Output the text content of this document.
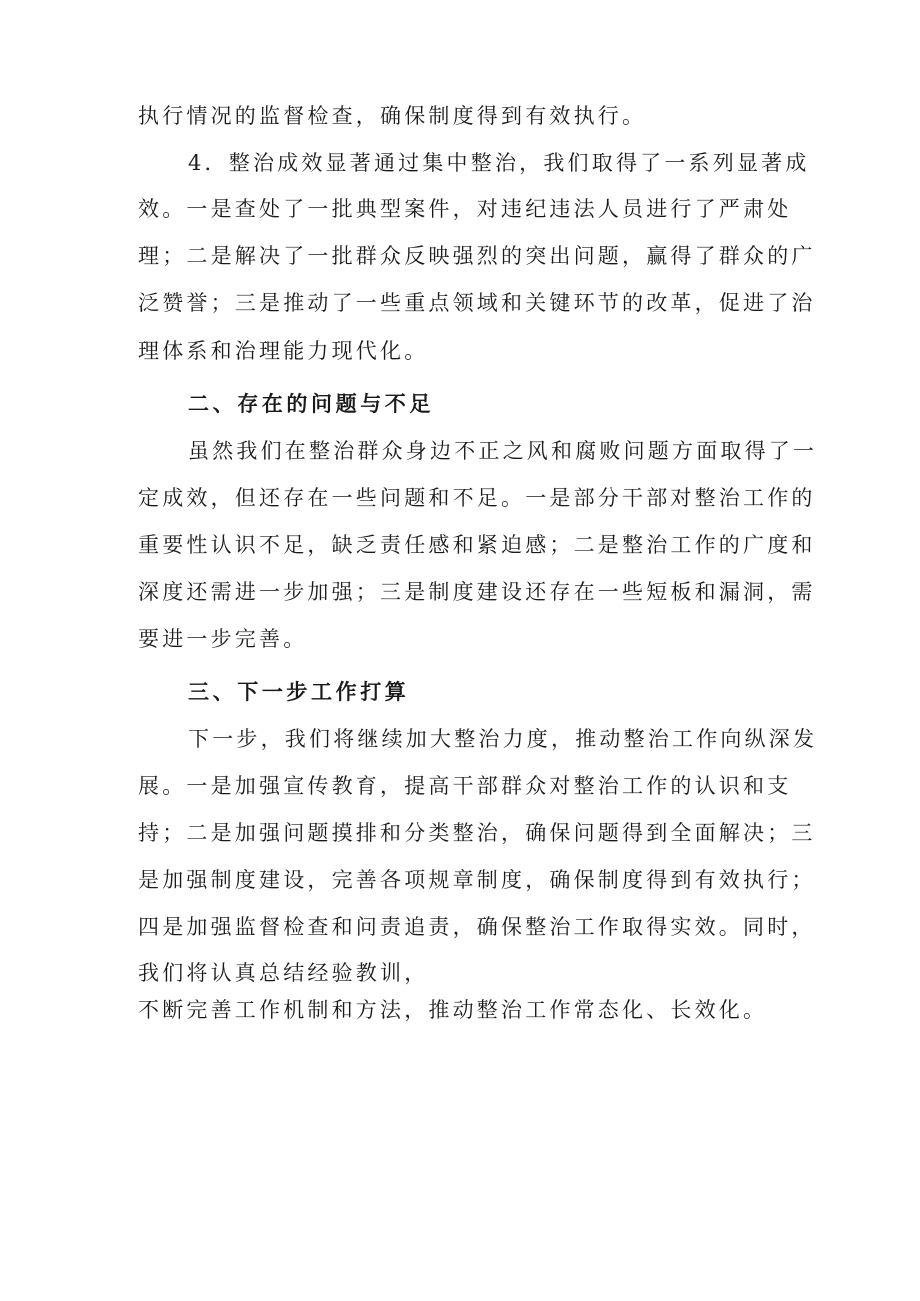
执行情况的监督检查，确保制度得到有效执行。
4．整治成效显著通过集中整治，我们取得了一系列显著成
效。一是查处了一批典型案件，对违纪违法人员进行了严肃处
理；二是解决了一批群众反映强烈的突出问题，赢得了群众的广
泛赞誉；三是推动了一些重点领域和关键环节的改革，促进了治
理体系和治理能力现代化。
二、存在的问题与不足
虽然我们在整治群众身边不正之风和腐败问题方面取得了一
定成效，但还存在一些问题和不足。一是部分干部对整治工作的
重要性认识不足，缺乏责任感和紧迫感；二是整治工作的广度和
深度还需进一步加强；三是制度建设还存在一些短板和漏洞，需
要进一步完善。
三、下一步工作打算
下一步，我们将继续加大整治力度，推动整治工作向纵深发
展。一是加强宣传教育，提高干部群众对整治工作的认识和支
持；二是加强问题摸排和分类整治，确保问题得到全面解决；三
是加强制度建设，完善各项规章制度，确保制度得到有效执行；
四是加强监督检查和问责追责，确保整治工作取得实效。同时，
我们将认真总结经验教训，
不断完善工作机制和方法，推动整治工作常态化、长效化。
